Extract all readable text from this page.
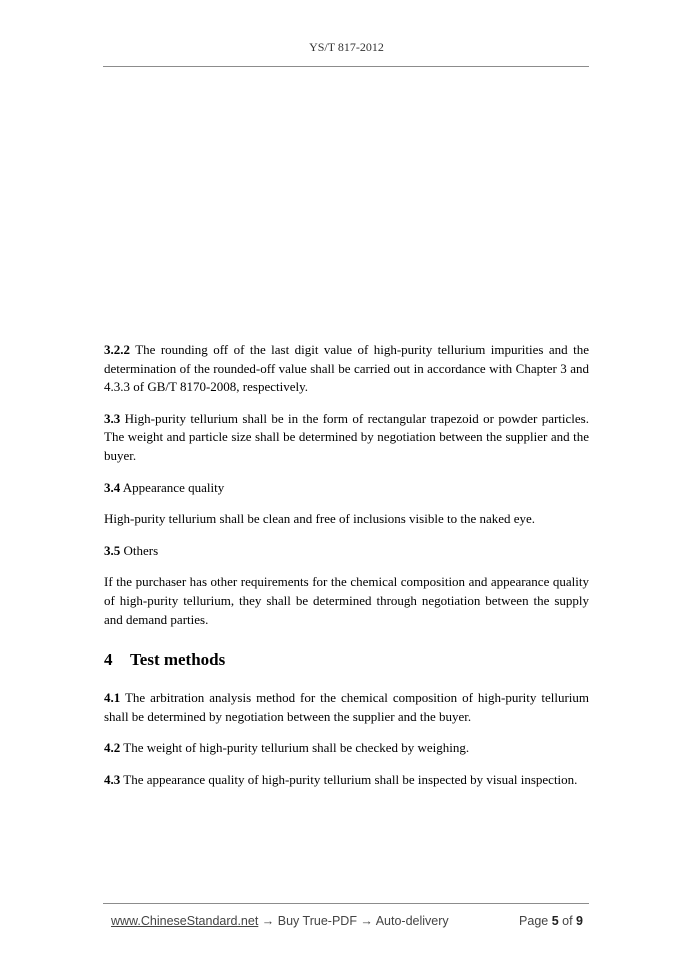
YS/T 817-2012

3.2.2 The rounding off of the last digit value of high-purity tellurium impurities and the determination of the rounded-off value shall be carried out in accordance with Chapter 3 and 4.3.3 of GB/T 8170-2008, respectively.

3.3 High-purity tellurium shall be in the form of rectangular trapezoid or powder particles. The weight and particle size shall be determined by negotiation between the supplier and the buyer.

3.4 Appearance quality

High-purity tellurium shall be clean and free of inclusions visible to the naked eye.

3.5 Others

If the purchaser has other requirements for the chemical composition and appearance quality of high-purity tellurium, they shall be determined through negotiation between the supply and demand parties.

4 Test methods

4.1 The arbitration analysis method for the chemical composition of high-purity tellurium shall be determined by negotiation between the supplier and the buyer.

4.2 The weight of high-purity tellurium shall be checked by weighing.

4.3 The appearance quality of high-purity tellurium shall be inspected by visual inspection.

www.ChineseStandard.net → Buy True-PDF → Auto-delivery	Page 5 of 9
